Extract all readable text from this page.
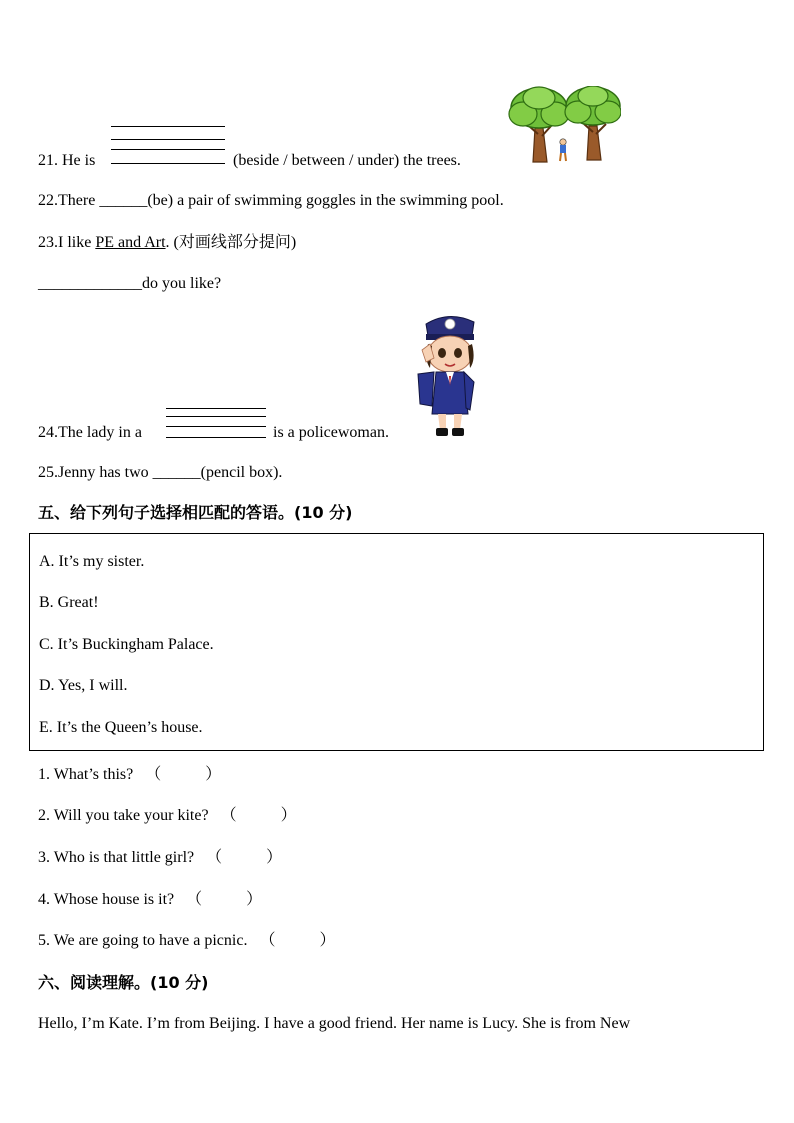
21. He is	(beside / between / under) the trees.
22.There ______(be) a pair of swimming goggles in the swimming pool.
23.I like PE and Art. (对画线部分提问)
_____________do you like?
24.The lady in a	is a policewoman.
25.Jenny has two ______(pencil box).
五、给下列句子选择相匹配的答语。(10 分)
A. It’s my sister.
B. Great!
C. It’s Buckingham Palace.
D. Yes, I will.
E. It’s the Queen’s house.
1. What’s this? （	）
2. Will you take your kite? （	）
3. Who is that little girl? （	）
4. Whose house is it? （	）
5. We are going to have a picnic. （	）
六、阅读理解。(10 分)
Hello, I’m Kate. I’m from Beijing. I have a good friend. Her name is Lucy. She is from New
